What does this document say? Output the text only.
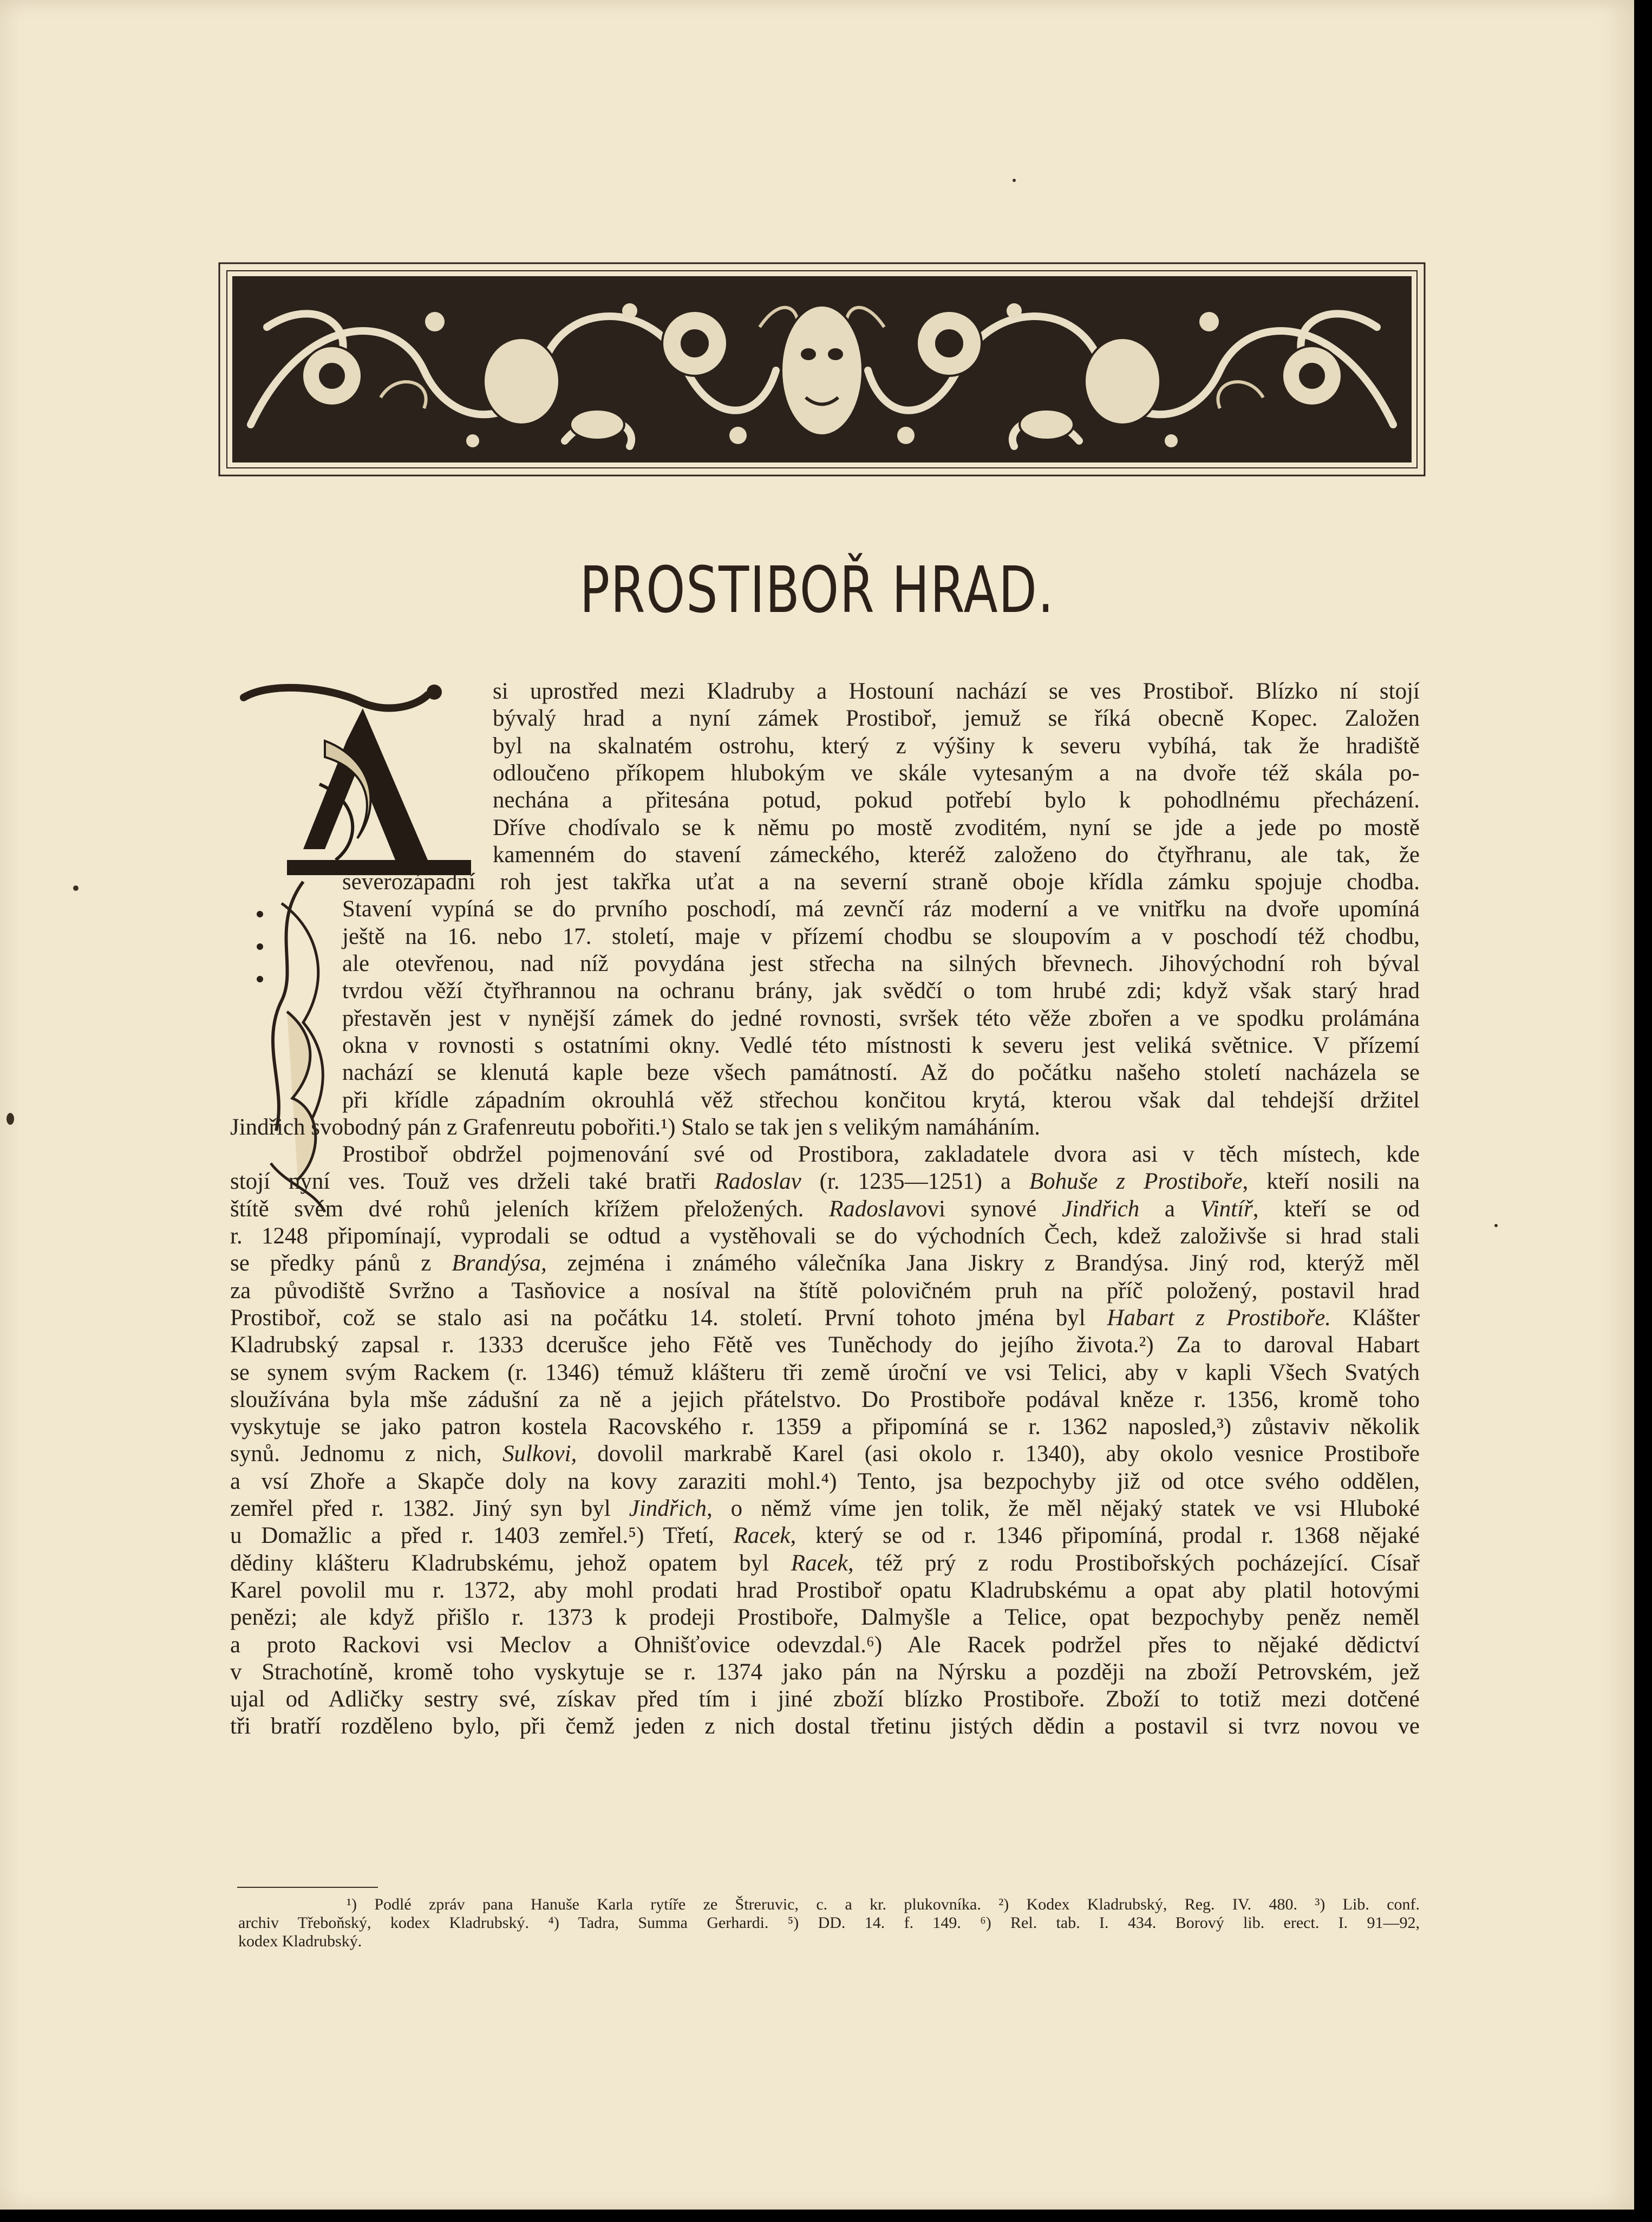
PROSTIBOŘ HRAD.
si uprostřed mezi Kladruby a Hostouní nachází se ves Prostiboř. Blízko ní stojí
bývalý hrad a nyní zámek Prostiboř, jemuž se říká obecně Kopec. Založen
byl na skalnatém ostrohu, který z výšiny k severu vybíhá, tak že hradiště
odloučeno příkopem hlubokým ve skále vytesaným a na dvoře též skála po-
nechána a přitesána potud, pokud potřebí bylo k pohodlnému přecházení.
Dříve chodívalo se k němu po mostě zvoditém, nyní se jde a jede po mostě
kamenném do stavení zámeckého, kteréž založeno do čtyřhranu, ale tak, že
severozápadní roh jest takřka uťat a na severní straně oboje křídla zámku spojuje chodba.
Stavení vypíná se do prvního poschodí, má zevnčí ráz moderní a ve vnitřku na dvoře upomíná
ještě na 16. nebo 17. století, maje v přízemí chodbu se sloupovím a v poschodí též chodbu,
ale otevřenou, nad níž povydána jest střecha na silných břevnech. Jihovýchodní roh býval
tvrdou věží čtyřhrannou na ochranu brány, jak svědčí o tom hrubé zdi; když však starý hrad
přestavěn jest v nynější zámek do jedné rovnosti, svršek této věže zbořen a ve spodku prolámána
okna v rovnosti s ostatními okny. Vedlé této místnosti k severu jest veliká světnice. V přízemí
nachází se klenutá kaple beze všech památností. Až do počátku našeho století nacházela se
při křídle západním okrouhlá věž střechou končitou krytá, kterou však dal tehdejší držitel
Jindřich svobodný pán z Grafenreutu pobořiti.¹) Stalo se tak jen s velikým namáháním.
Prostiboř obdržel pojmenování své od Prostibora, zakladatele dvora asi v těch místech, kde
stojí nyní ves. Touž ves drželi také bratři Radoslav (r. 1235—1251) a Bohuše z Prostiboře, kteří nosili na
štítě svém dvé rohů jeleních křížem přeložených. Radoslavovi synové Jindřich a Vintíř, kteří se od
r. 1248 připomínají, vyprodali se odtud a vystěhovali se do východních Čech, kdež založivše si hrad stali
se předky pánů z Brandýsa, zejména i známého válečníka Jana Jiskry z Brandýsa. Jiný rod, kterýž měl
za původiště Svržno a Tasňovice a nosíval na štítě polovičném pruh na příč položený, postavil hrad
Prostiboř, což se stalo asi na počátku 14. století. První tohoto jména byl Habart z Prostiboře. Klášter
Kladrubský zapsal r. 1333 dcerušce jeho Fětě ves Tuněchody do jejího života.²) Za to daroval Habart
se synem svým Rackem (r. 1346) témuž klášteru tři země úroční ve vsi Telici, aby v kapli Všech Svatých
sloužívána byla mše zádušní za ně a jejich přátelstvo. Do Prostiboře podával kněze r. 1356, kromě toho
vyskytuje se jako patron kostela Racovského r. 1359 a připomíná se r. 1362 naposled,³) zůstaviv několik
synů. Jednomu z nich, Sulkovi, dovolil markrabě Karel (asi okolo r. 1340), aby okolo vesnice Prostiboře
a vsí Zhoře a Skapče doly na kovy zaraziti mohl.⁴) Tento, jsa bezpochyby již od otce svého oddělen,
zemřel před r. 1382. Jiný syn byl Jindřich, o němž víme jen tolik, že měl nějaký statek ve vsi Hluboké
u Domažlic a před r. 1403 zemřel.⁵) Třetí, Racek, který se od r. 1346 připomíná, prodal r. 1368 nějaké
dědiny klášteru Kladrubskému, jehož opatem byl Racek, též prý z rodu Prostibořských pocházející. Císař
Karel povolil mu r. 1372, aby mohl prodati hrad Prostiboř opatu Kladrubskému a opat aby platil hotovými
penězi; ale když přišlo r. 1373 k prodeji Prostiboře, Dalmyšle a Telice, opat bezpochyby peněz neměl
a proto Rackovi vsi Meclov a Ohnišťovice odevzdal.⁶) Ale Racek podržel přes to nějaké dědictví
v Strachotíně, kromě toho vyskytuje se r. 1374 jako pán na Nýrsku a později na zboží Petrovském, jež
ujal od Adličky sestry své, získav před tím i jiné zboží blízko Prostiboře. Zboží to totiž mezi dotčené
tři bratří rozděleno bylo, při čemž jeden z nich dostal třetinu jistých dědin a postavil si tvrz novou ve
¹) Podlé zpráv pana Hanuše Karla rytíře ze Štreruvic, c. a kr. plukovníka. ²) Kodex Kladrubský, Reg. IV. 480. ³) Lib. conf.
archiv Třeboňský, kodex Kladrubský. ⁴) Tadra, Summa Gerhardi. ⁵) DD. 14. f. 149. ⁶) Rel. tab. I. 434. Borový lib. erect. I. 91—92,
kodex Kladrubský.
